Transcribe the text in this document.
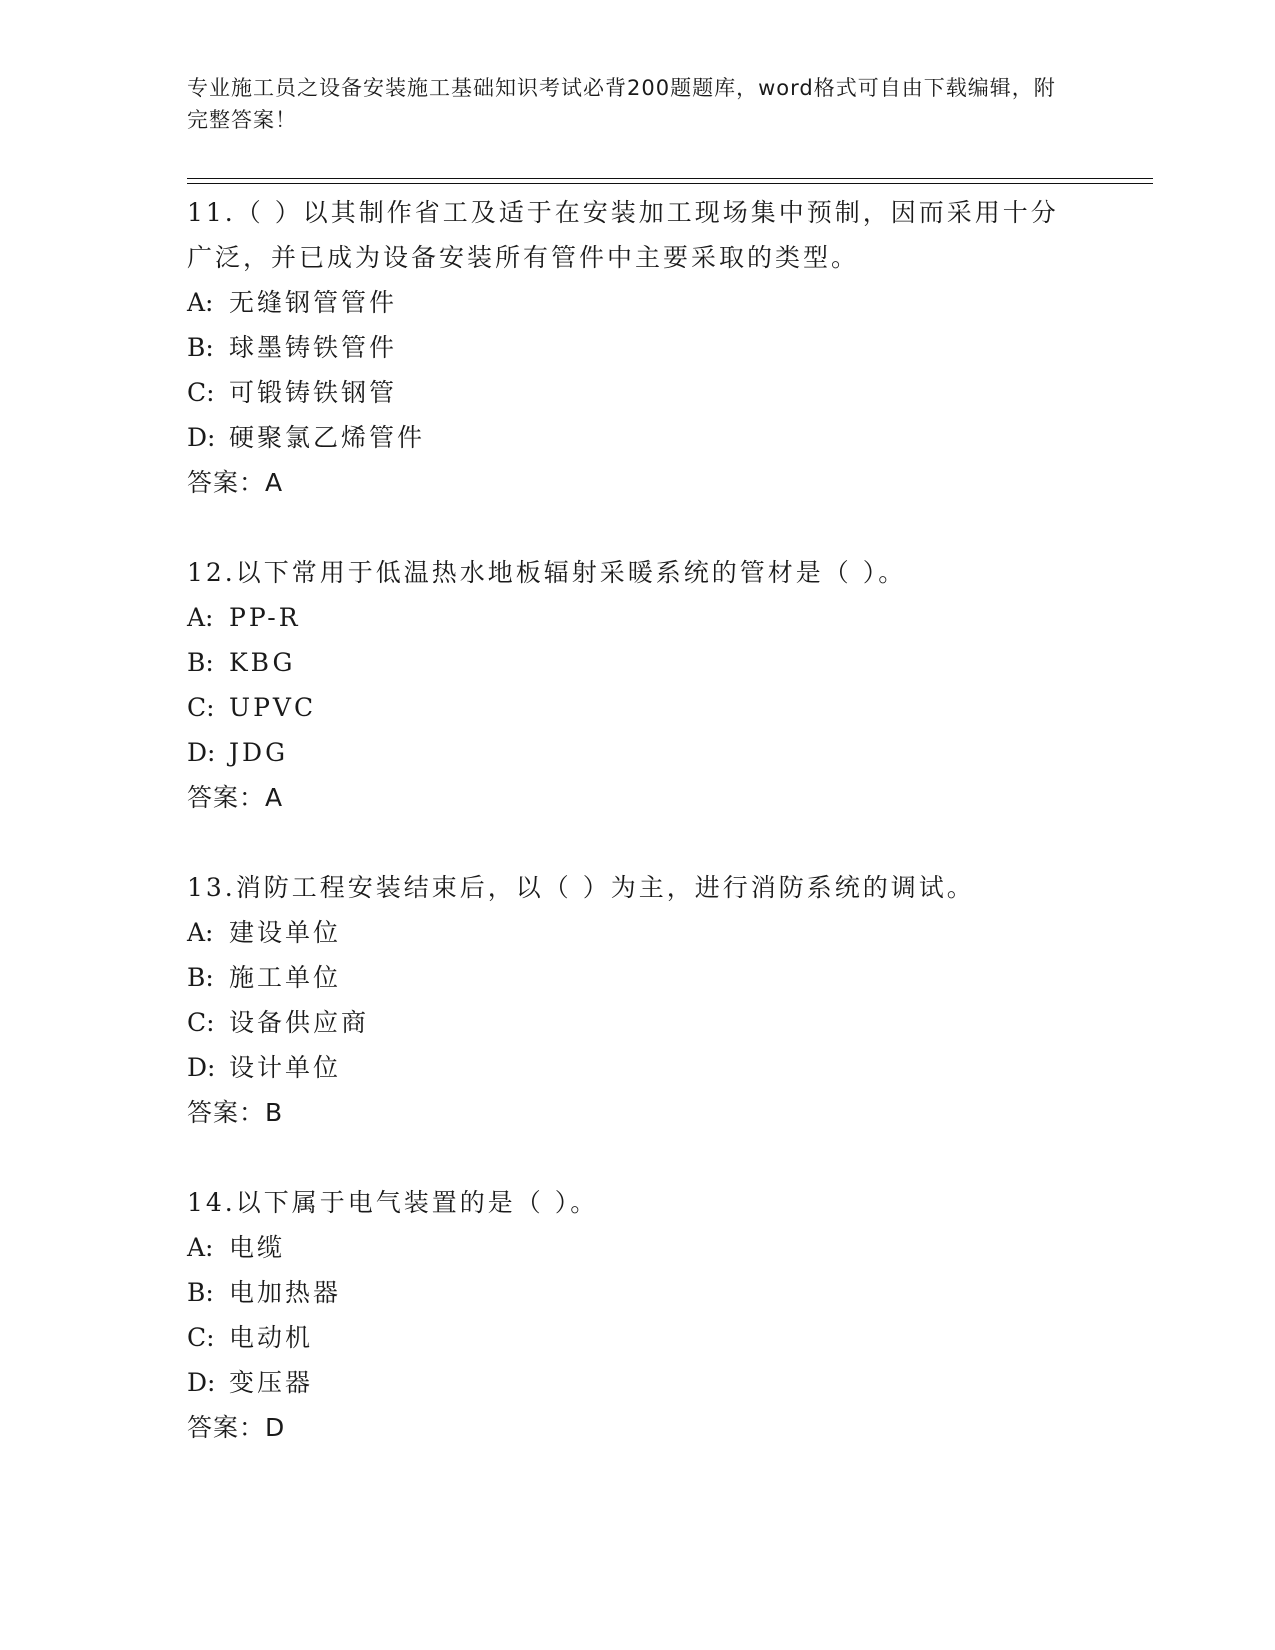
专业施工员之设备安装施工基础知识考试必背200题题库，word格式可自由下载编辑，附完整答案！

11.（ ）以其制作省工及适于在安装加工现场集中预制，因而采用十分广泛，并已成为设备安装所有管件中主要采取的类型。

A: 无缝钢管管件
B: 球墨铸铁管件
C: 可锻铸铁钢管
D: 硬聚氯乙烯管件
答案：A

12.以下常用于低温热水地板辐射采暖系统的管材是（ ）。

A: PP-R
B: KBG
C: UPVC
D: JDG
答案：A

13.消防工程安装结束后，以（ ）为主，进行消防系统的调试。

A: 建设单位
B: 施工单位
C: 设备供应商
D: 设计单位
答案：B

14.以下属于电气装置的是（ ）。

A: 电缆
B: 电加热器
C: 电动机
D: 变压器
答案：D
